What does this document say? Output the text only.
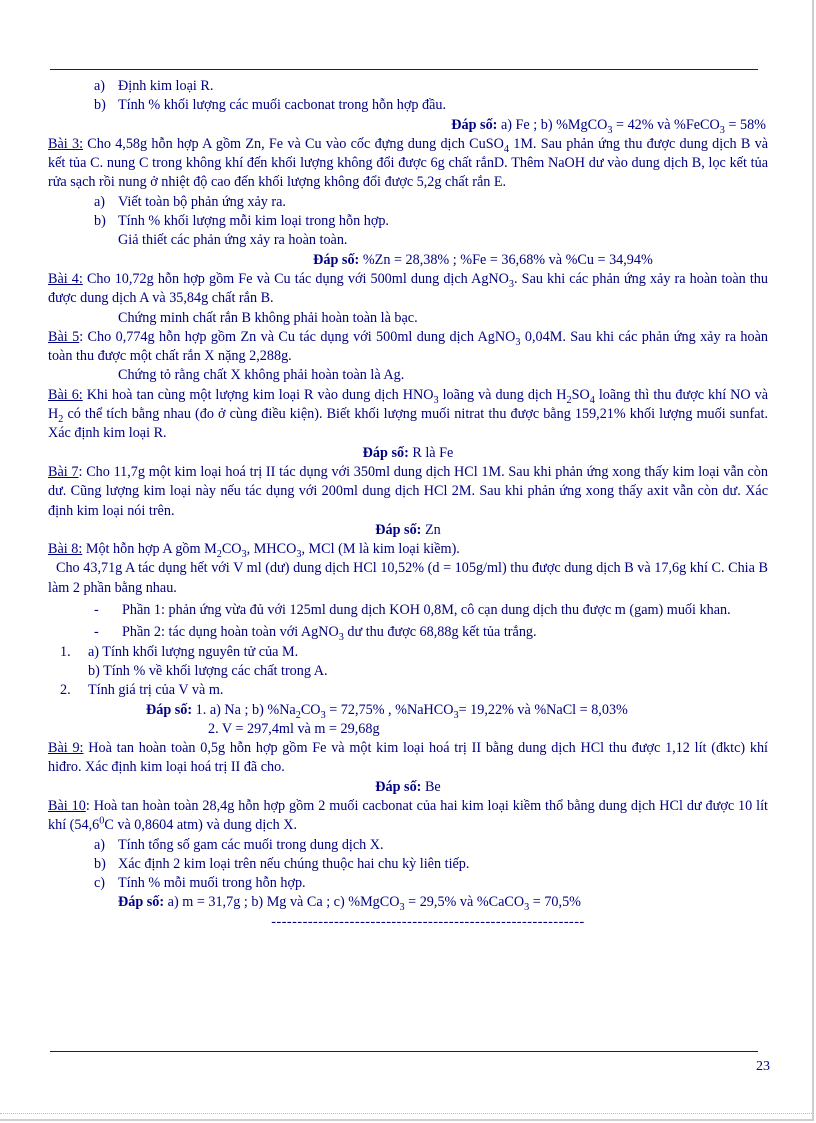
a) Định kim loại R.

b) Tính % khối lượng các muối cacbonat trong hỗn hợp đầu.

Đáp số: a) Fe ; b) %MgCO$_3$ = 42% và %FeCO$_3$ = 58%

Bài 3: Cho 4,58g hỗn hợp A gồm Zn, Fe và Cu vào cốc đựng dung dịch CuSO$_4$ 1M. Sau phản ứng thu được dung dịch B và kết tủa C. nung C trong không khí đến khối lượng không đổi được 6g chất rắnD. Thêm NaOH dư vào dung dịch B, lọc kết tủa rửa sạch rồi nung ở nhiệt độ cao đến khối lượng không đổi được 5,2g chất rắn E.

a) Viết toàn bộ phản ứng xảy ra.

b) Tính % khối lượng mỗi kim loại trong hỗn hợp.

Giả thiết các phản ứng xảy ra hoàn toàn.

Đáp số: %Zn = 28,38% ; %Fe = 36,68% và %Cu = 34,94%

Bài 4: Cho 10,72g hỗn hợp gồm Fe và Cu tác dụng với 500ml dung dịch AgNO$_3$. Sau khi các phản ứng xảy ra hoàn toàn thu được dung dịch A và 35,84g chất rắn B.

Chứng minh chất rắn B không phải hoàn toàn là bạc.

Bài 5: Cho 0,774g hỗn hợp gồm Zn và Cu tác dụng với 500ml dung dịch AgNO$_3$ 0,04M. Sau khi các phản ứng xảy ra hoàn toàn thu được một chất rắn X nặng 2,288g.

Chứng tỏ rằng chất X không phải hoàn toàn là Ag.

Bài 6: Khi hoà tan cùng một lượng kim loại R vào dung dịch $HNO_3$ loãng và dung dịch $H_2SO_4$ loãng thì thu được khí NO và $H_2$ có thể tích bằng nhau (đo ở cùng điều kiện). Biết khối lượng muối nitrat thu được bằng 159,21% khối lượng muối sunfat. Xác định kim loại R.

Đáp số: R là Fe

Bài 7: Cho 11,7g một kim loại hoá trị II tác dụng với 350ml dung dịch HCl 1M. Sau khi phản ứng xong thấy kim loại vẫn còn dư. Cũng lượng kim loại này nếu tác dụng với 200ml dung dịch HCl 2M. Sau khi phản ứng xong thấy axit vẫn còn dư. Xác định kim loại nói trên.

Đáp số: Zn

Bài 8: Một hỗn hợp A gồm $M_2CO_3$, $MHCO_3$, MCl (M là kim loại kiềm).

Cho 43,71g A tác dụng hết với V ml (dư) dung dịch HCl 10,52% (d = 105g/ml) thu được dung dịch B và 17,6g khí C. Chia B làm 2 phần bằng nhau.

- Phần 1: phản ứng vừa đủ với 125ml dung dịch KOH 0,8M, cô cạn dung dịch thu được m (gam) muối khan.

- Phần 2: tác dụng hoàn toàn với AgNO$_3$ dư thu được 68,88g kết tủa trắng.

1. a) Tính khối lượng nguyên tử của M.

b) Tính % về khối lượng các chất trong A.

2. Tính giá trị của V và m.

Đáp số: 1. a) Na ; b) $\%Na_2CO_3 = 72,75\%$ , %NaHCO$_3$= 19,22% và %NaCl = 8,03%

2. V = 297,4ml và m = 29,68g

Bài 9: Hoà tan hoàn toàn 0,5g hỗn hợp gồm Fe và một kim loại hoá trị II bằng dung dịch HCl thu được 1,12 lít (đktc) khí hiđro. Xác định kim loại hoá trị II đã cho.

Đáp số: Be

Bài 10: Hoà tan hoàn toàn 28,4g hỗn hợp gồm 2 muối cacbonat của hai kim loại kiềm thổ bằng dung dịch HCl dư được 10 lít khí (54,6$^0$C và 0,8604 atm) và dung dịch X.

a) Tính tổng số gam các muối trong dung dịch X.

b) Xác định 2 kim loại trên nếu chúng thuộc hai chu kỳ liên tiếp.

c) Tính % mỗi muối trong hỗn hợp.

Đáp số: a) m = 31,7g ; b) Mg và Ca ; c) %MgCO$_3$ = 29,5% và %CaCO$_3$ = 70,5%

------------------------------------------------------------

23
